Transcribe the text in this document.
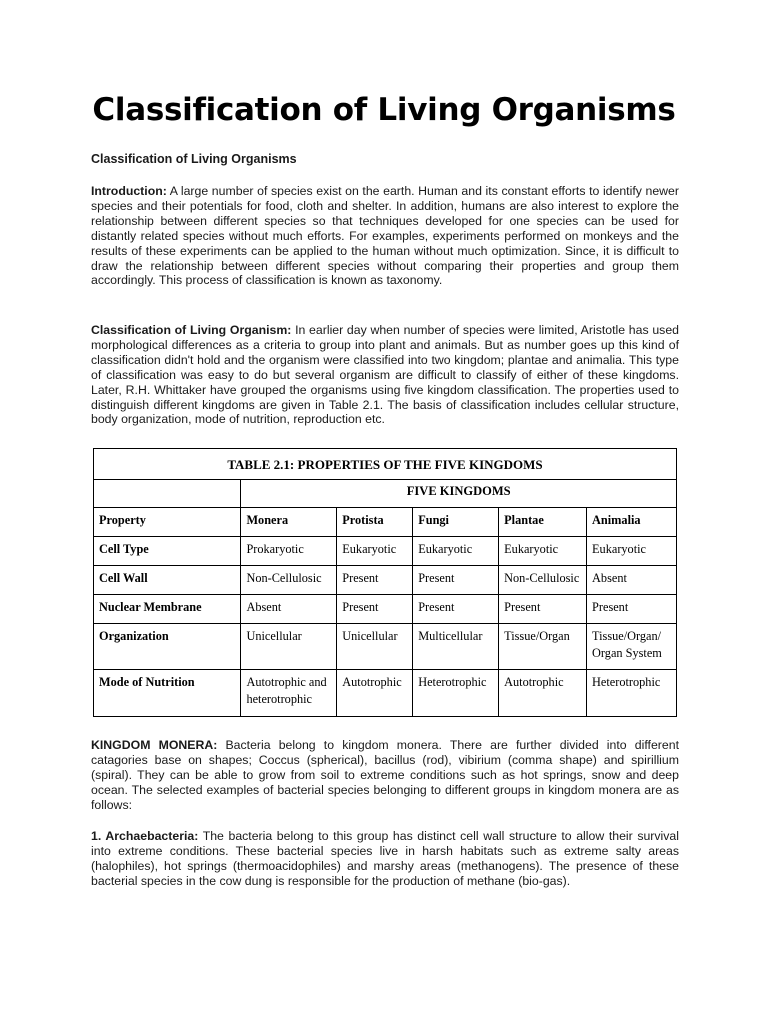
Classification of Living Organisms

Classification of Living Organisms

Introduction: A large number of species exist on the earth. Human and its constant efforts to identify newer species and their potentials for food, cloth and shelter. In addition, humans are also interest to explore the relationship between different species so that techniques developed for one species can be used for distantly related species without much efforts. For examples, experiments performed on monkeys and the results of these experiments can be applied to the human without much optimization. Since, it is difficult to draw the relationship between different species without comparing their properties and group them accordingly. This process of classification is known as taxonomy.

Classification of Living Organism: In earlier day when number of species were limited, Aristotle has used morphological differences as a criteria to group into plant and animals. But as number goes up this kind of classification didn't hold and the organism were classified into two kingdom; plantae and animalia. This type of classification was easy to do but several organism are difficult to classify of either of these kingdoms. Later, R.H. Whittaker have grouped the organisms using five kingdom classification. The properties used to distinguish different kingdoms are given in Table 2.1. The basis of classification includes cellular structure, body organization, mode of nutrition, reproduction etc.

TABLE 2.1: PROPERTIES OF THE FIVE KINGDOMS					
	FIVE KINGDOMS				
Property	Monera	Protista	Fungi	Plantae	Animalia
Cell Type	Prokaryotic	Eukaryotic	Eukaryotic	Eukaryotic	Eukaryotic
Cell Wall	Non-Cellulosic	Present	Present	Non-Cellulosic	Absent
Nuclear Membrane	Absent	Present	Present	Present	Present
Organization	Unicellular	Unicellular	Multicellular	Tissue/Organ	Tissue/Organ/ Organ System
Mode of Nutrition	Autotrophic and heterotrophic	Autotrophic	Heterotrophic	Autotrophic	Heterotrophic

KINGDOM MONERA: Bacteria belong to kingdom monera. There are further divided into different catagories base on shapes; Coccus (spherical), bacillus (rod), vibirium (comma shape) and spirillium (spiral). They can be able to grow from soil to extreme conditions such as hot springs, snow and deep ocean. The selected examples of bacterial species belonging to different groups in kingdom monera are as follows:

1. Archaebacteria: The bacteria belong to this group has distinct cell wall structure to allow their survival into extreme conditions. These bacterial species live in harsh habitats such as extreme salty areas (halophiles), hot springs (thermoacidophiles) and marshy areas (methanogens). The presence of these bacterial species in the cow dung is responsible for the production of methane (bio-gas).
